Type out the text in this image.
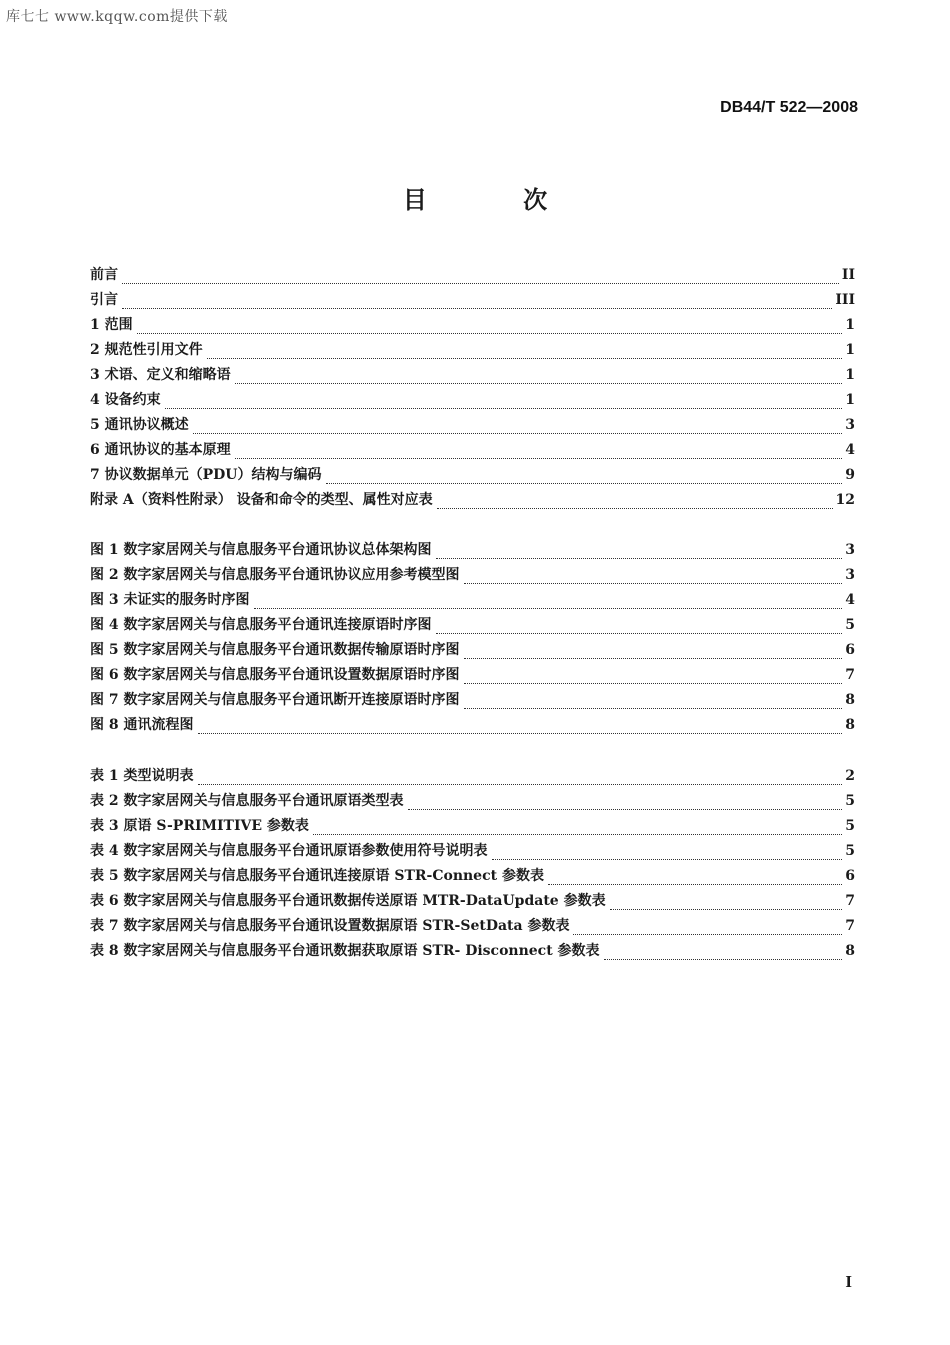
库七七 www.kqqw.com提供下载
DB44/T 522—2008
目 次
前言	II
引言	III
1 范围	1
2 规范性引用文件	1
3 术语、定义和缩略语	1
4 设备约束	1
5 通讯协议概述	3
6 通讯协议的基本原理	4
7 协议数据单元（PDU）结构与编码	9
附录 A（资料性附录） 设备和命令的类型、属性对应表	12
图 1 数字家居网关与信息服务平台通讯协议总体架构图	3
图 2 数字家居网关与信息服务平台通讯协议应用参考模型图	3
图 3 未证实的服务时序图	4
图 4 数字家居网关与信息服务平台通讯连接原语时序图	5
图 5 数字家居网关与信息服务平台通讯数据传输原语时序图	6
图 6 数字家居网关与信息服务平台通讯设置数据原语时序图	7
图 7 数字家居网关与信息服务平台通讯断开连接原语时序图	8
图 8 通讯流程图	8
表 1 类型说明表	2
表 2 数字家居网关与信息服务平台通讯原语类型表	5
表 3 原语 S-PRIMITIVE 参数表	5
表 4 数字家居网关与信息服务平台通讯原语参数使用符号说明表	5
表 5 数字家居网关与信息服务平台通讯连接原语 STR-Connect 参数表	6
表 6 数字家居网关与信息服务平台通讯数据传送原语 MTR-DataUpdate 参数表	7
表 7 数字家居网关与信息服务平台通讯设置数据原语 STR-SetData 参数表	7
表 8 数字家居网关与信息服务平台通讯数据获取原语 STR- Disconnect 参数表	8
I
